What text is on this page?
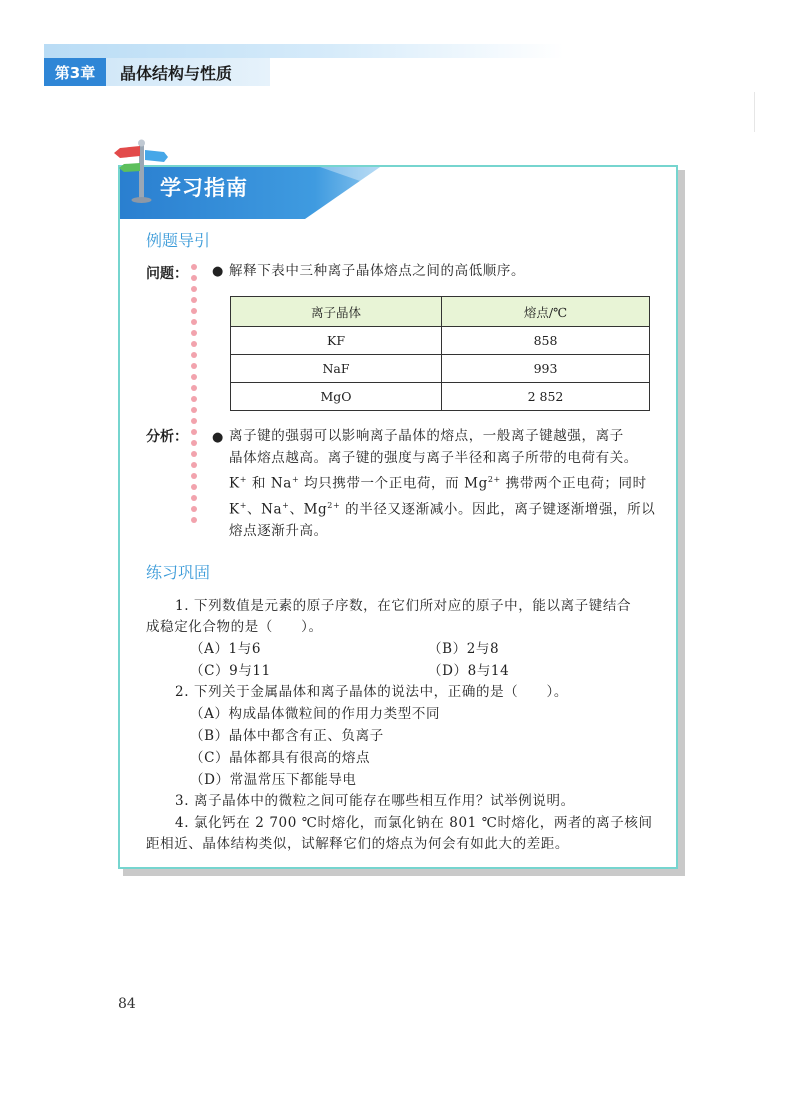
第3章	晶体结构与性质
学习指南
例题导引
问题： ● 解释下表中三种离子晶体熔点之间的高低顺序。
离子晶体	熔点/℃
KF	858
NaF	993
MgO	2 852
分析： ● 离子键的强弱可以影响离子晶体的熔点，一般离子键越强，离子
晶体熔点越高。离子键的强度与离子半径和离子所带的电荷有关。
K+ 和 Na+ 均只携带一个正电荷，而 $Mg^{2+}$ 携带两个正电荷；同时
K+、Na+、$Mg^{2+}$ 的半径又逐渐减小。因此，离子键逐渐增强，所以
熔点逐渐升高。
练习巩固
1. 下列数值是元素的原子序数，在它们所对应的原子中，能以离子键结合
成稳定化合物的是（　　）。
（A）1与6	（B）2与8
（C）9与11	（D）8与14
2. 下列关于金属晶体和离子晶体的说法中，正确的是（　　）。
（A）构成晶体微粒间的作用力类型不同
（B）晶体中都含有正、负离子
（C）晶体都具有很高的熔点
（D）常温常压下都能导电
3. 离子晶体中的微粒之间可能存在哪些相互作用？试举例说明。
4. 氯化钙在 2 700 ℃时熔化，而氯化钠在 801 ℃时熔化，两者的离子核间
距相近、晶体结构类似，试解释它们的熔点为何会有如此大的差距。
84
